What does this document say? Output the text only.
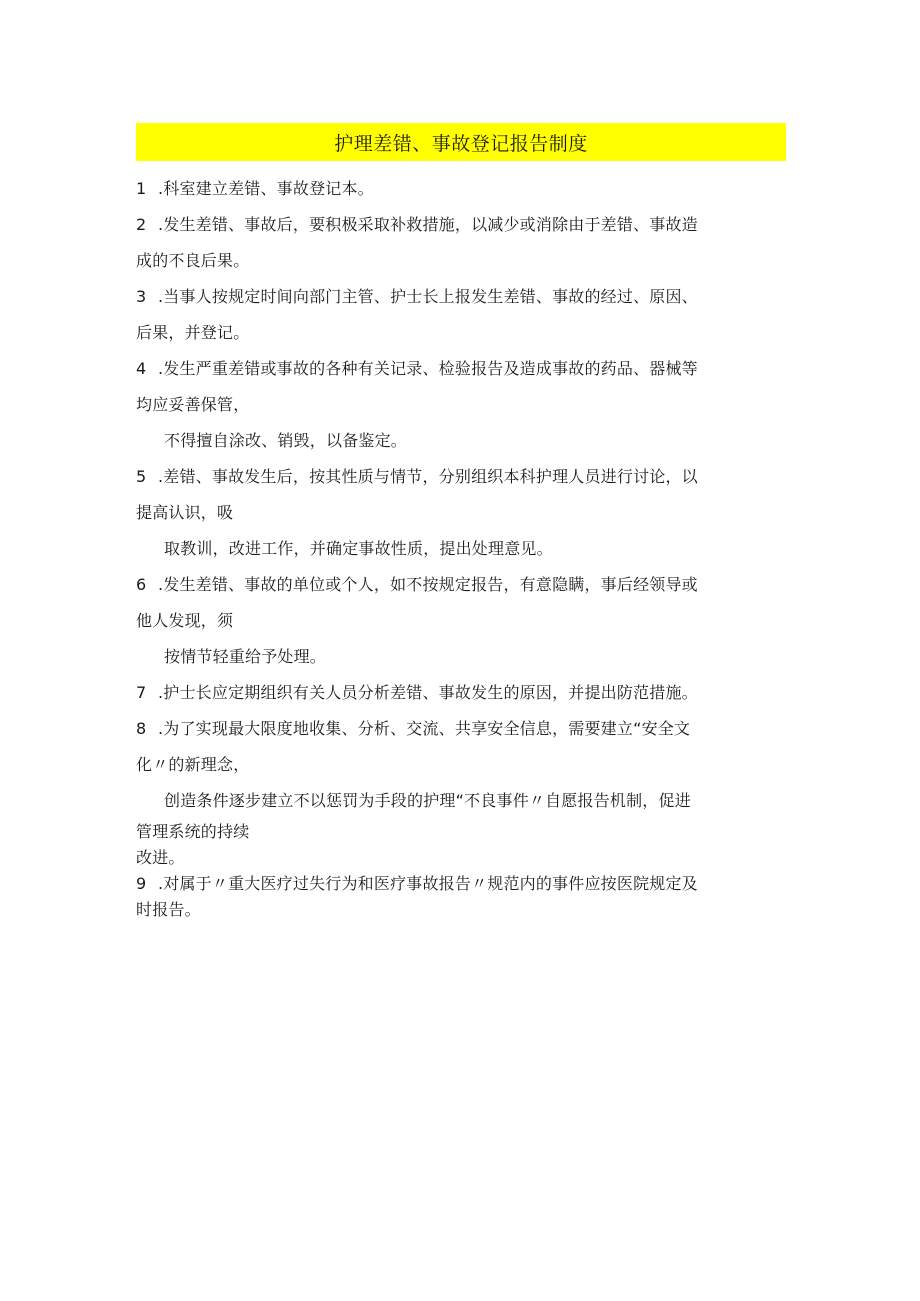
护理差错、事故登记报告制度
1 .科室建立差错、事故登记本。
2 .发生差错、事故后，要积极采取补救措施，以减少或消除由于差错、事故造
成的不良后果。
3 .当事人按规定时间向部门主管、护士长上报发生差错、事故的经过、原因、
后果，并登记。
4 .发生严重差错或事故的各种有关记录、检验报告及造成事故的药品、器械等
均应妥善保管，
不得擅自涂改、销毁，以备鉴定。
5 .差错、事故发生后，按其性质与情节，分别组织本科护理人员进行讨论，以
提高认识，吸
取教训，改进工作，并确定事故性质，提出处理意见。
6 .发生差错、事故的单位或个人，如不按规定报告，有意隐瞒，事后经领导或
他人发现，须
按情节轻重给予处理。
7 .护士长应定期组织有关人员分析差错、事故发生的原因，并提出防范措施。
8 .为了实现最大限度地收集、分析、交流、共享安全信息，需要建立“安全文
化〃的新理念，
创造条件逐步建立不以惩罚为手段的护理“不良事件〃自愿报告机制，促进
管理系统的持续
改进。
9 .对属于〃重大医疗过失行为和医疗事故报告〃规范内的事件应按医院规定及
时报告。
